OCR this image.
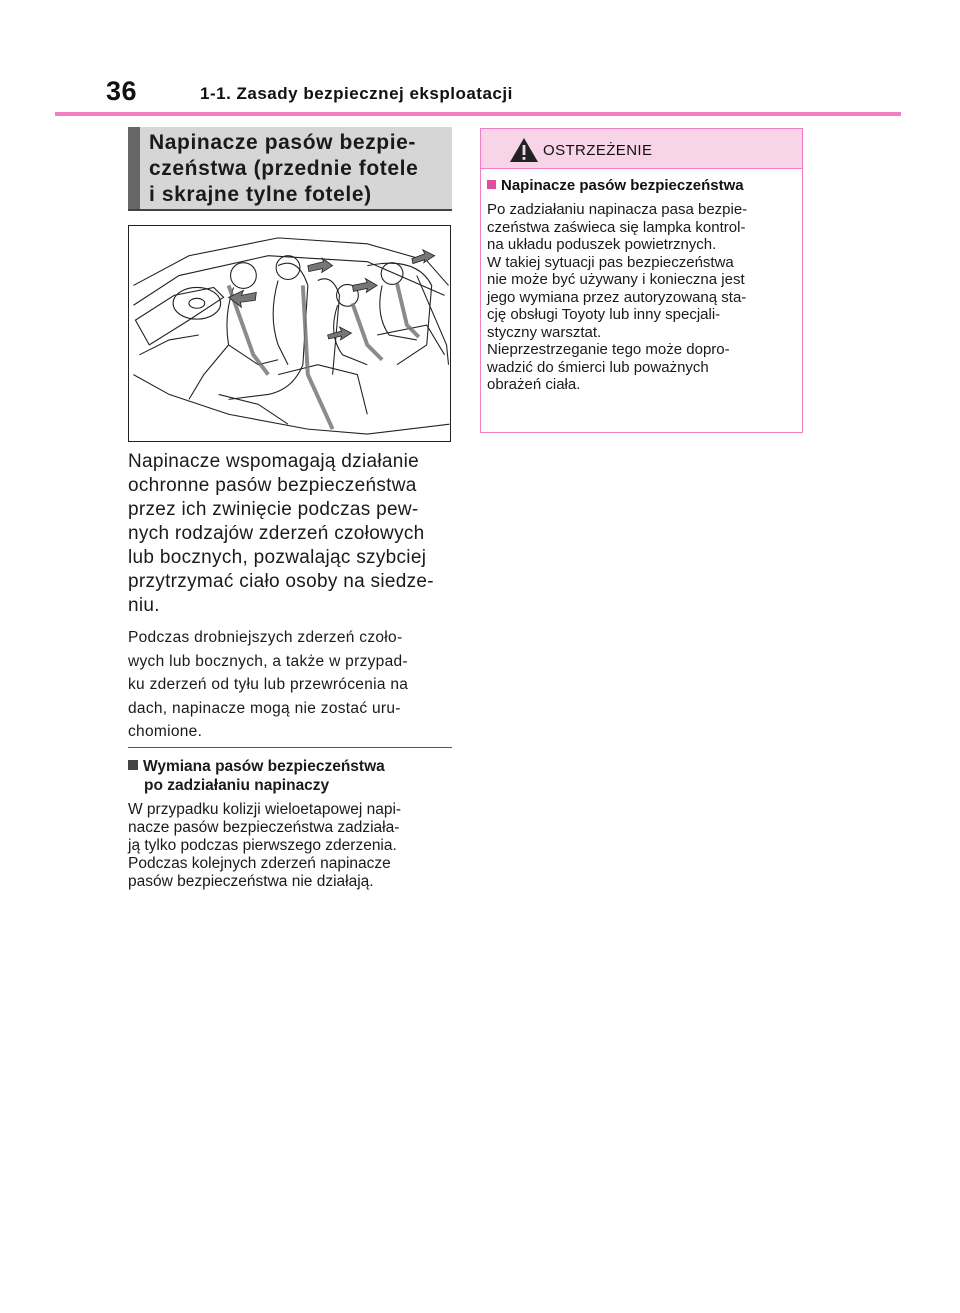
36	1-1. Zasady bezpiecznej eksploatacji
Napinacze pasów bezpie-
czeństwa (przednie fotele
i skrajne tylne fotele)

Napinacze wspomagają działanie
ochronne pasów bezpieczeństwa
przez ich zwinięcie podczas pew-
nych rodzajów zderzeń czołowych
lub bocznych, pozwalając szybciej
przytrzymać ciało osoby na siedze-
niu.

Podczas drobniejszych zderzeń czoło-
wych lub bocznych, a także w przypad-
ku zderzeń od tyłu lub przewrócenia na
dach, napinacze mogą nie zostać uru-
chomione.

Wymiana pasów bezpieczeństwa
po zadziałaniu napinaczy

W przypadku kolizji wieloetapowej napi-
nacze pasów bezpieczeństwa zadziała-
ją tylko podczas pierwszego zderzenia.
Podczas kolejnych zderzeń napinacze
pasów bezpieczeństwa nie działają.

OSTRZEŻENIE
Napinacze pasów bezpieczeństwa

Po zadziałaniu napinacza pasa bezpie-
czeństwa zaświeca się lampka kontrol-
na układu poduszek powietrznych.
W takiej sytuacji pas bezpieczeństwa
nie może być używany i konieczna jest
jego wymiana przez autoryzowaną sta-
cję obsługi Toyoty lub inny specjali-
styczny warsztat.
Nieprzestrzeganie tego może dopro-
wadzić do śmierci lub poważnych
obrażeń ciała.
